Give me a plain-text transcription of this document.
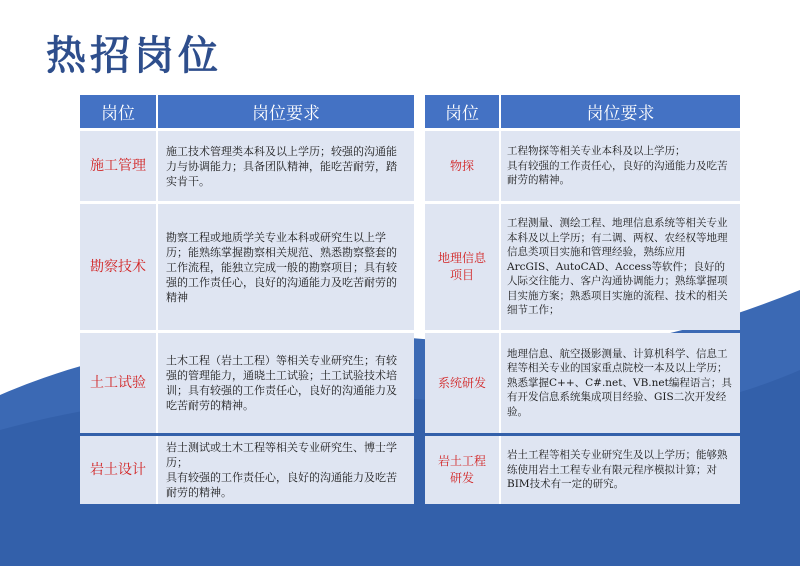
热招岗位
岗位	岗位要求
施工管理	施工技术管理类本科及以上学历；较强的沟通能力与协调能力；具备团队精神，能吃苦耐劳，踏实肯干。
勘察技术	勘察工程或地质学关专业本科或研究生以上学历；能熟练掌握勘察相关规范、熟悉勘察整套的工作流程，能独立完成一般的勘察项目；具有较强的工作责任心，良好的沟通能力及吃苦耐劳的精神
土工试验	土木工程（岩土工程）等相关专业研究生；有较强的管理能力，通晓土工试验；土工试验技术培训；具有较强的工作责任心，良好的沟通能力及吃苦耐劳的精神。
岩土设计	岩土测试或土木工程等相关专业研究生、博士学历；
具有较强的工作责任心，良好的沟通能力及吃苦耐劳的精神。
岗位	岗位要求
物探	工程物探等相关专业本科及以上学历；
具有较强的工作责任心，良好的沟通能力及吃苦耐劳的精神。
地理信息
项目	工程测量、测绘工程、地理信息系统等相关专业本科及以上学历；有二调、两权、农经权等地理信息类项目实施和管理经验，熟练应用ArcGIS、AutoCAD、Access等软件；良好的人际交往能力、客户沟通协调能力；熟练掌握项目实施方案；熟悉项目实施的流程、技术的相关细节工作；
系统研发	地理信息、航空摄影测量、计算机科学、信息工程等相关专业的国家重点院校一本及以上学历；
熟悉掌握C++、C#.net、VB.net编程语言；具有开发信息系统集成项目经验、GIS二次开发经验。
岩土工程
研发	岩土工程等相关专业研究生及以上学历；能够熟练使用岩土工程专业有限元程序模拟计算；对BIM技术有一定的研究。
